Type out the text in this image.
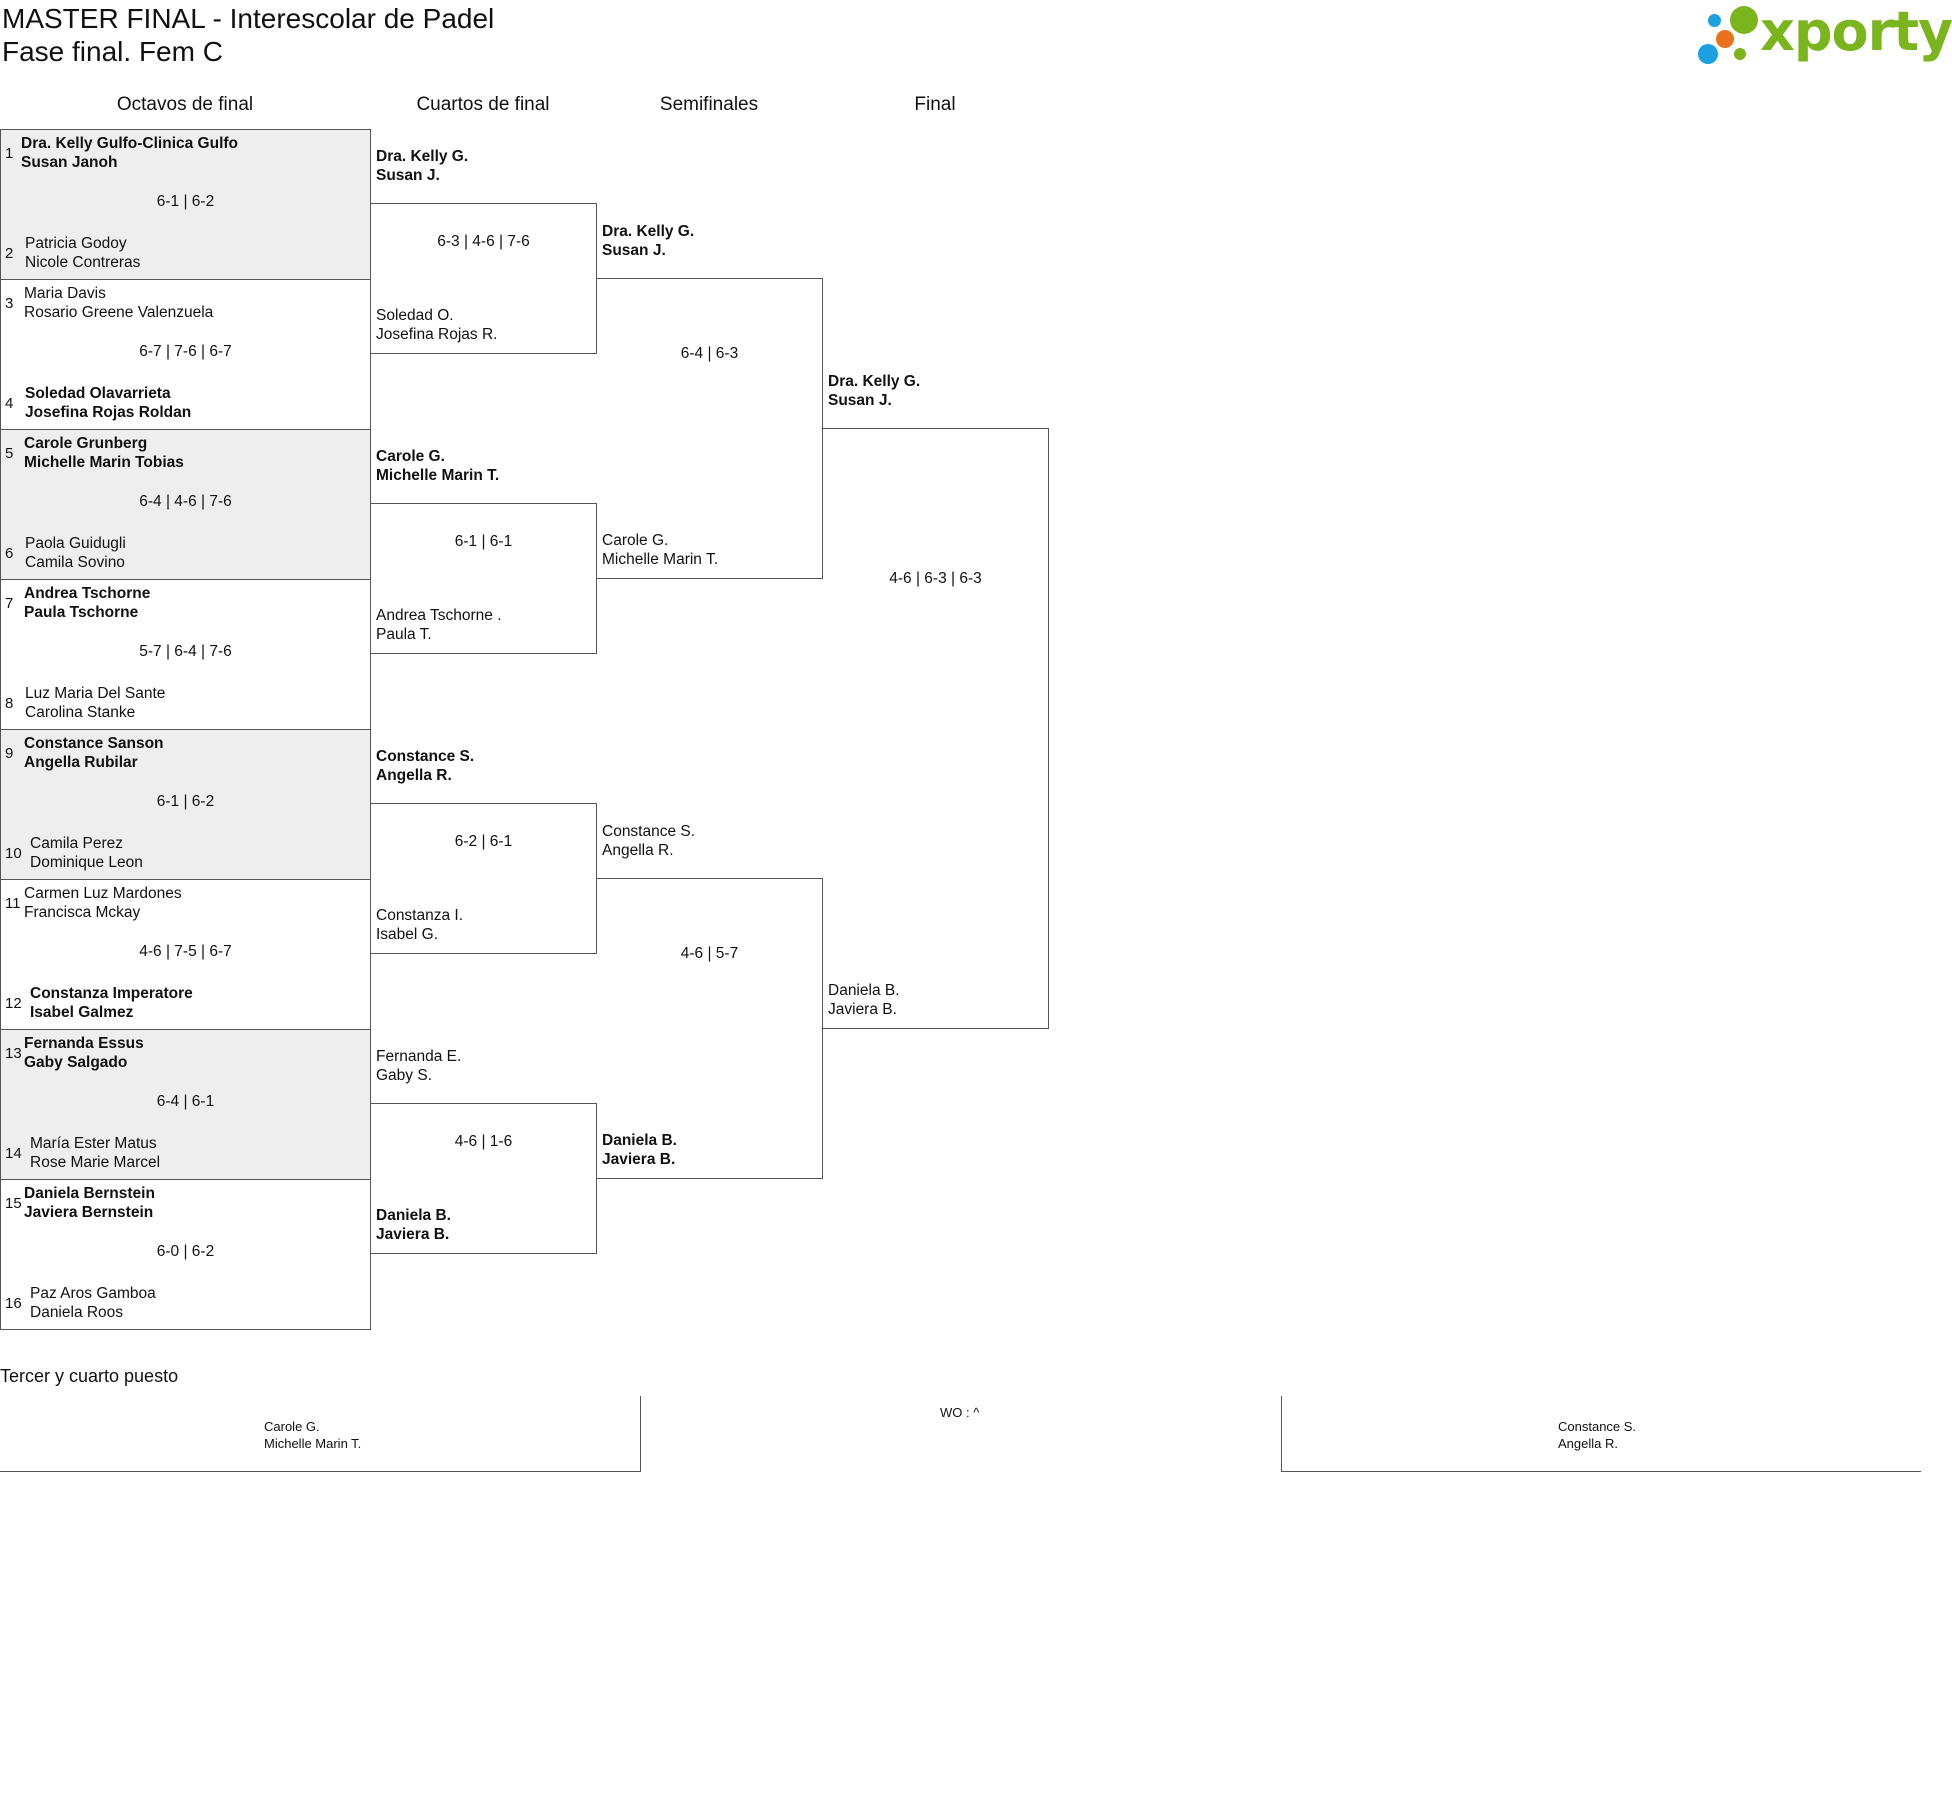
MASTER FINAL - Interescolar de Padel
Fase final. Fem C	xporty
Octavos de final	Cuartos de final	Semifinales	Final
1
Dra. Kelly Gulfo-Clinica Gulfo
Susan Janoh
6-1 | 6-2
2
Patricia Godoy
Nicole Contreras
3
Maria Davis
Rosario Greene Valenzuela
6-7 | 7-6 | 6-7
4
Soledad Olavarrieta
Josefina Rojas Roldan
5
Carole Grunberg
Michelle Marin Tobias
6-4 | 4-6 | 7-6
6
Paola Guidugli
Camila Sovino
7
Andrea Tschorne
Paula Tschorne
5-7 | 6-4 | 7-6
8
Luz Maria Del Sante
Carolina Stanke
9
Constance Sanson
Angella Rubilar
6-1 | 6-2
10
Camila Perez
Dominique Leon
11
Carmen Luz Mardones
Francisca Mckay
4-6 | 7-5 | 6-7
12
Constanza Imperatore
Isabel Galmez
13
Fernanda Essus
Gaby Salgado
6-4 | 6-1
14
María Ester Matus
Rose Marie Marcel
15
Daniela Bernstein
Javiera Bernstein
6-0 | 6-2
16
Paz Aros Gamboa
Daniela Roos
Dra. Kelly G.
Susan J.
6-3 | 4-6 | 7-6
Soledad O.
Josefina Rojas R.
Carole G.
Michelle Marin T.
6-1 | 6-1
Andrea Tschorne .
Paula T.
Constance S.
Angella R.
6-2 | 6-1
Constanza I.
Isabel G.
Fernanda E.
Gaby S.
4-6 | 1-6
Daniela B.
Javiera B.
Dra. Kelly G.
Susan J.
6-4 | 6-3
Carole G.
Michelle Marin T.
Constance S.
Angella R.
4-6 | 5-7
Daniela B.
Javiera B.
Dra. Kelly G.
Susan J.
4-6 | 6-3 | 6-3
Daniela B.
Javiera B.
Tercer y cuarto puesto
Carole G.
Michelle Marin T.
WO : ^
Constance S.
Angella R.
